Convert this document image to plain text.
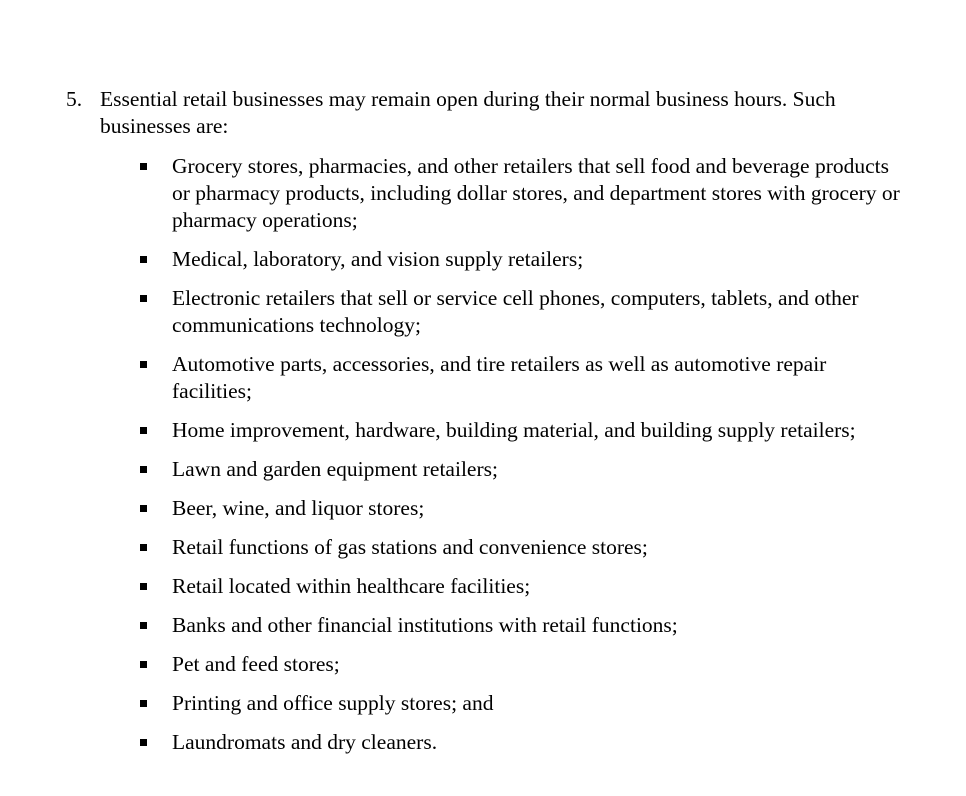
5. Essential retail businesses may remain open during their normal business hours. Such businesses are:
Grocery stores, pharmacies, and other retailers that sell food and beverage products or pharmacy products, including dollar stores, and department stores with grocery or pharmacy operations;
Medical, laboratory, and vision supply retailers;
Electronic retailers that sell or service cell phones, computers, tablets, and other communications technology;
Automotive parts, accessories, and tire retailers as well as automotive repair facilities;
Home improvement, hardware, building material, and building supply retailers;
Lawn and garden equipment retailers;
Beer, wine, and liquor stores;
Retail functions of gas stations and convenience stores;
Retail located within healthcare facilities;
Banks and other financial institutions with retail functions;
Pet and feed stores;
Printing and office supply stores; and
Laundromats and dry cleaners.
